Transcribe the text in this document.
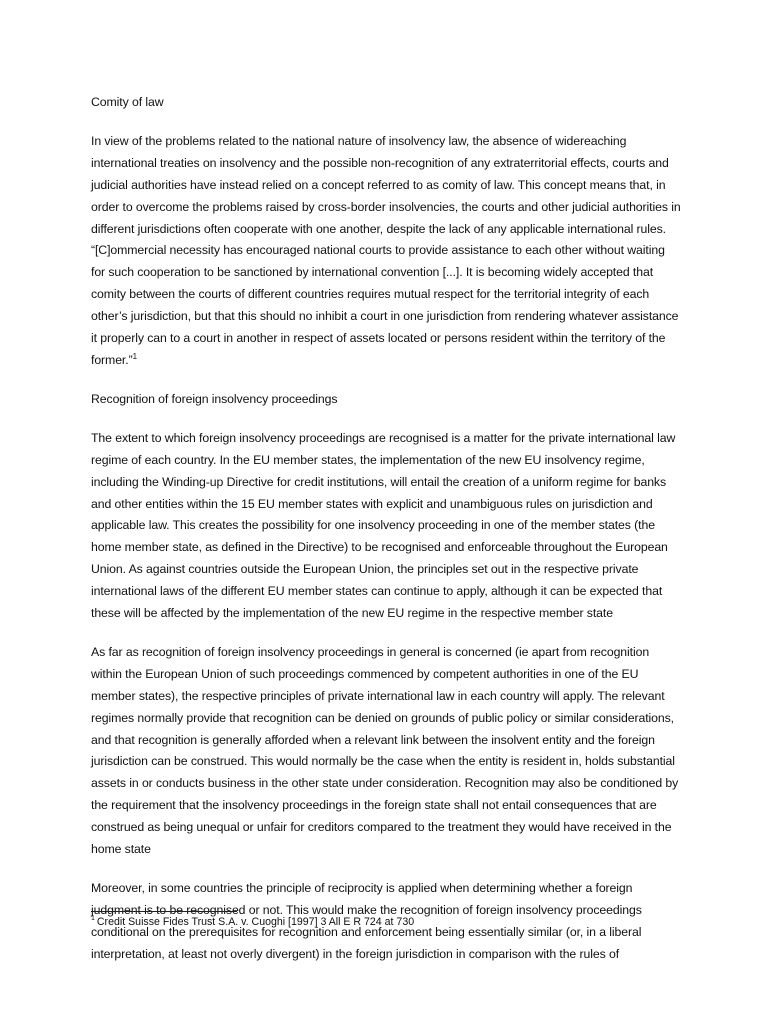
Comity of law
In view of the problems related to the national nature of insolvency law, the absence of widereaching international treaties on insolvency and the possible non-recognition of any extraterritorial effects, courts and judicial authorities have instead relied on a concept referred to as comity of law. This concept means that, in order to overcome the problems raised by cross-border insolvencies, the courts and other judicial authorities in different jurisdictions often cooperate with one another, despite the lack of any applicable international rules. “[C]ommercial necessity has encouraged national courts to provide assistance to each other without waiting for such cooperation to be sanctioned by international convention [...]. It is becoming widely accepted that comity between the courts of different countries requires mutual respect for the territorial integrity of each other’s jurisdiction, but that this should no inhibit a court in one jurisdiction from rendering whatever assistance it properly can to a court in another in respect of assets located or persons resident within the territory of the former.”$^1$
Recognition of foreign insolvency proceedings
The extent to which foreign insolvency proceedings are recognised is a matter for the private international law regime of each country. In the EU member states, the implementation of the new EU insolvency regime, including the Winding-up Directive for credit institutions, will entail the creation of a uniform regime for banks and other entities within the 15 EU member states with explicit and unambiguous rules on jurisdiction and applicable law. This creates the possibility for one insolvency proceeding in one of the member states (the home member state, as defined in the Directive) to be recognised and enforceable throughout the European Union. As against countries outside the European Union, the principles set out in the respective private international laws of the different EU member states can continue to apply, although it can be expected that these will be affected by the implementation of the new EU regime in the respective member state
As far as recognition of foreign insolvency proceedings in general is concerned (ie apart from recognition within the European Union of such proceedings commenced by competent authorities in one of the EU member states), the respective principles of private international law in each country will apply. The relevant regimes normally provide that recognition can be denied on grounds of public policy or similar considerations, and that recognition is generally afforded when a relevant link between the insolvent entity and the foreign jurisdiction can be construed. This would normally be the case when the entity is resident in, holds substantial assets in or conducts business in the other state under consideration. Recognition may also be conditioned by the requirement that the insolvency proceedings in the foreign state shall not entail consequences that are construed as being unequal or unfair for creditors compared to the treatment they would have received in the home state
Moreover, in some countries the principle of reciprocity is applied when determining whether a foreign judgment is to be recognised or not. This would make the recognition of foreign insolvency proceedings conditional on the prerequisites for recognition and enforcement being essentially similar (or, in a liberal interpretation, at least not overly divergent) in the foreign jurisdiction in comparison with the rules of
$^1$ Credit Suisse Fides Trust S.A. v. Cuoghi [1997] 3 All E R 724 at 730
